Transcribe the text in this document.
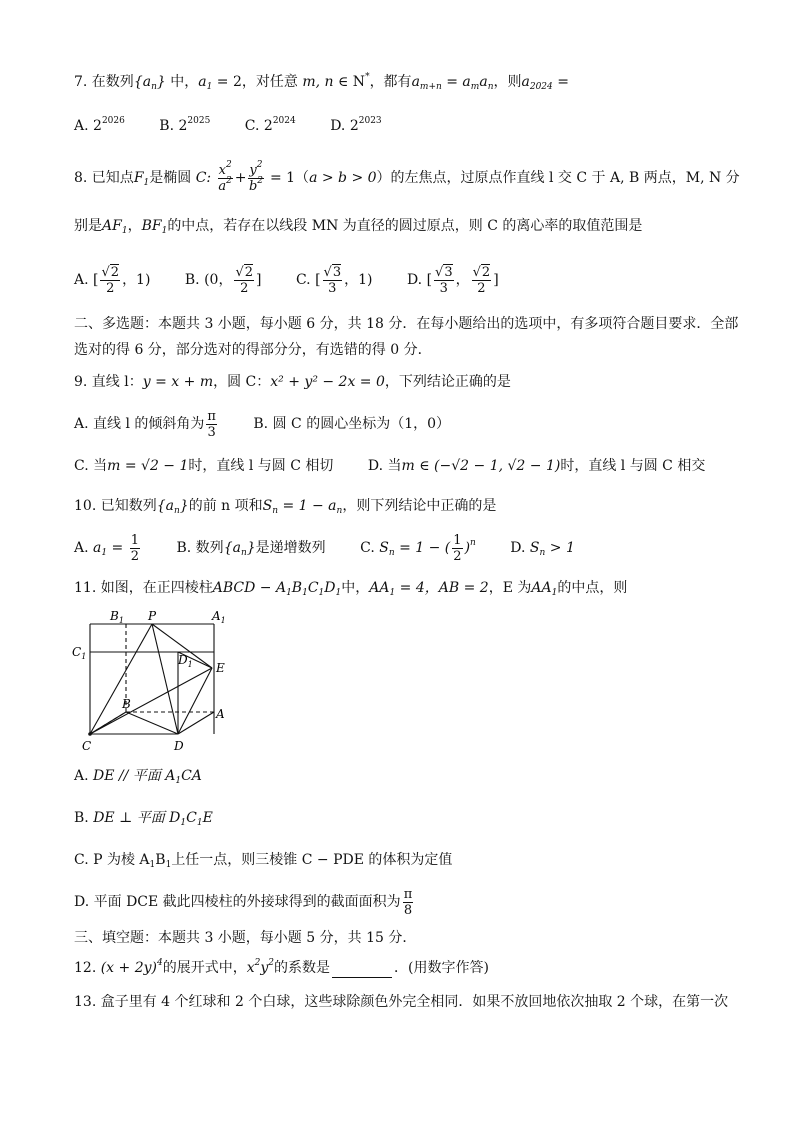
7. 在数列$\{a_n\}$ 中，$a_1 = 2$，对任意 m, n ∈ N*，都有$a_{m+n} = a_ma_n$，则$a_{2024}$ =
A. $2^{2026}$ B. $2^{2025}$ C. $2^{2024}$ D. $2^{2023}$
8. 已知点$F_1$是椭圆 C: $\frac{x^2}{a^2} + \frac{y^2}{b^2} = 1(a > b > 0)$的左焦点，过原点作直线 l 交 C 于 A, B 两点，M, N 分
别是$AF_1$，$BF_1$的中点，若存在以线段 MN 为直径的圆过原点，则 C 的离心率的取值范围是
A. [ $\frac{√2}{2}$ ，1) B. (0， $\frac{√2}{2}$ ] C. [ $\frac{√3}{3}$ ，1) D. [ $\frac{√3}{3}$ ， $\frac{√2}{2}$ ]
二、多选题：本题共 3 小题，每小题 6 分，共 18 分．在每小题给出的选项中，有多项符合题目要求．全部
选对的得 6 分，部分选对的得部分分，有选错的得 0 分．
9. 直线 l：y = x + m，圆 C：x² + y² − 2x = 0，下列结论正确的是
A. 直线 l 的倾斜角为 $\frac{\pi}{3}$	B. 圆 C 的圆心坐标为（1，0）
C. 当m = √2 − 1时，直线 l 与圆 C 相切 D. 当m ∈ (−√2 − 1, √2 − 1)时，直线 l 与圆 C 相交
10. 已知数列$\{a_n\}$的前 n 项和$S_n = 1 - a_n$，则下列结论中正确的是
A. $a_1 = \frac{1}{2}$	B. 数列$\{a_n\}$是递增数列 C. $S_n = 1$ − ( $\frac{1}{2} )^n$ D. $S_n > 1$
11. 如图，在正四棱柱ABCD − $A_1B_1C_1D_1$中，$AA_1 = 4$，AB = 2，E 为$AA_1$的中点，则
$B_1$ P	$A_1$
$C_1$	$D_1$ E
B
A
C	D
A. DE // 平面 $A_1CA$
B. DE ⊥ 平面 $D_1C_1E$
C. P 为棱 $A_1B_1$上任一点，则三棱锥 C − PDE 的体积为定值
D. 平面 DCE 截此四棱柱的外接球得到的截面面积为 $\frac{\pi}{8}$
三、填空题：本题共 3 小题，每小题 5 分，共 15 分．
12. $(x + 2y)^4$的展开式中，$x^2y^2$的系数是	．(用数字作答)
13. 盒子里有 4 个红球和 2 个白球，这些球除颜色外完全相同．如果不放回地依次抽取 2 个球，在第一次
